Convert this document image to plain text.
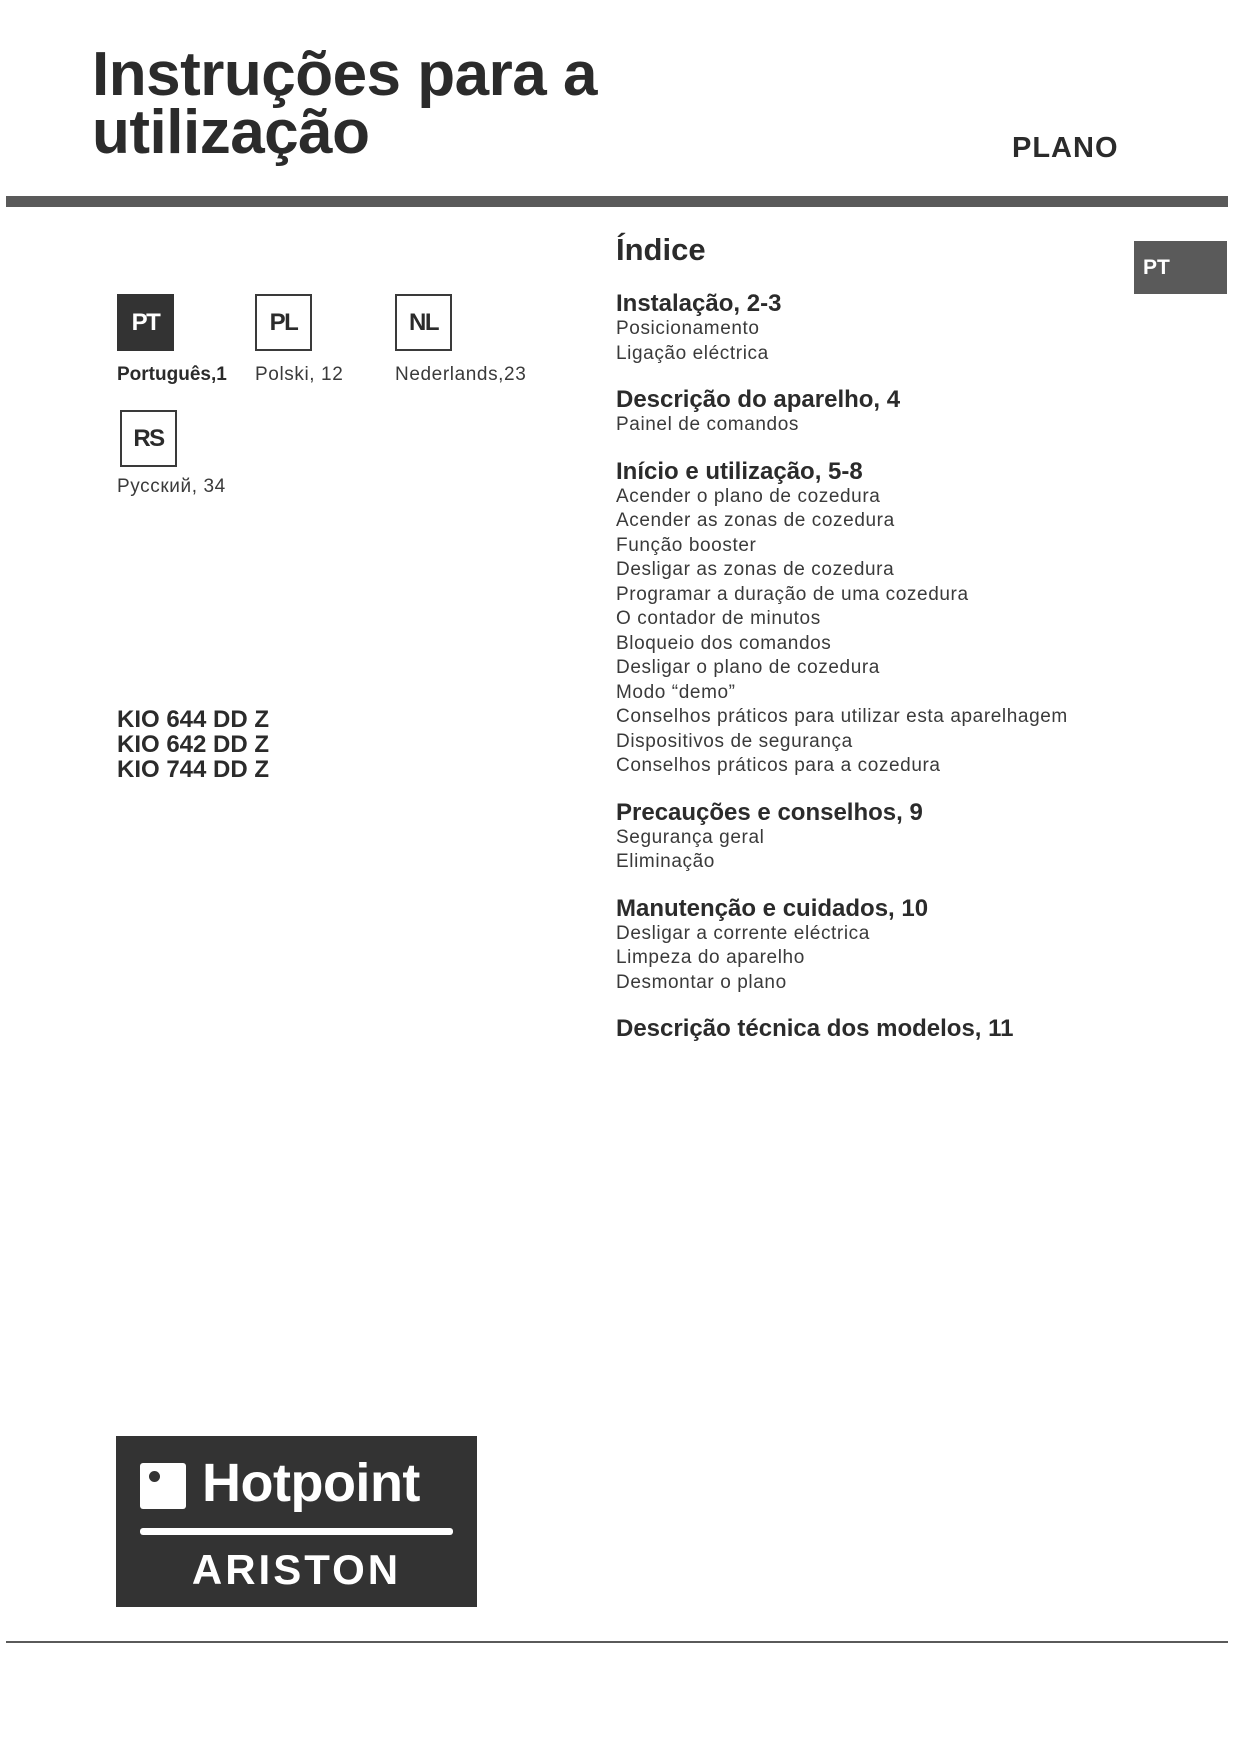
Instruções para a
utilização	PLANO
PT
PT
Português,1
PL
Polski, 12
NL
Nederlands,23
RS
Русский, 34
KIO 644 DD Z
KIO 642 DD Z
KIO 744 DD Z
Índice
Instalação, 2-3
Posicionamento
Ligação eléctrica
Descrição do aparelho, 4
Painel de comandos
Início e utilização, 5-8
Acender o plano de cozedura
Acender as zonas de cozedura
Função booster
Desligar as zonas de cozedura
Programar a duração de uma cozedura
O contador de minutos
Bloqueio dos comandos
Desligar o plano de cozedura
Modo “demo”
Conselhos práticos para utilizar esta aparelhagem
Dispositivos de segurança
Conselhos práticos para a cozedura
Precauções e conselhos, 9
Segurança geral
Eliminação
Manutenção e cuidados, 10
Desligar a corrente eléctrica
Limpeza do aparelho
Desmontar o plano
Descrição técnica dos modelos, 11
Hotpoint
ARISTON
